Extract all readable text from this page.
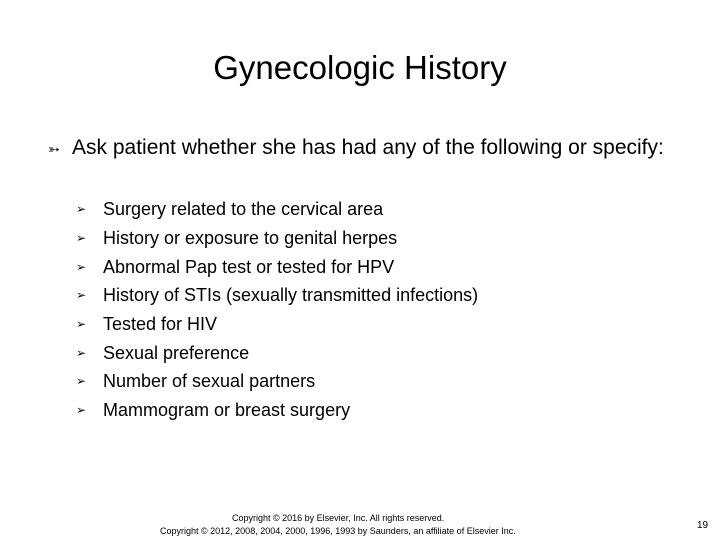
Gynecologic History
➳ Ask patient whether she has had any of the following or specify:
➢ Surgery related to the cervical area
➢ History or exposure to genital herpes
➢ Abnormal Pap test or tested for HPV
➢ History of STIs (sexually transmitted infections)
➢ Tested for HIV
➢ Sexual preference
➢ Number of sexual partners
➢ Mammogram or breast surgery
Copyright © 2016 by Elsevier, Inc. All rights reserved.
Copyright © 2012, 2008, 2004, 2000, 1996, 1993 by Saunders, an affiliate of Elsevier Inc.	19
